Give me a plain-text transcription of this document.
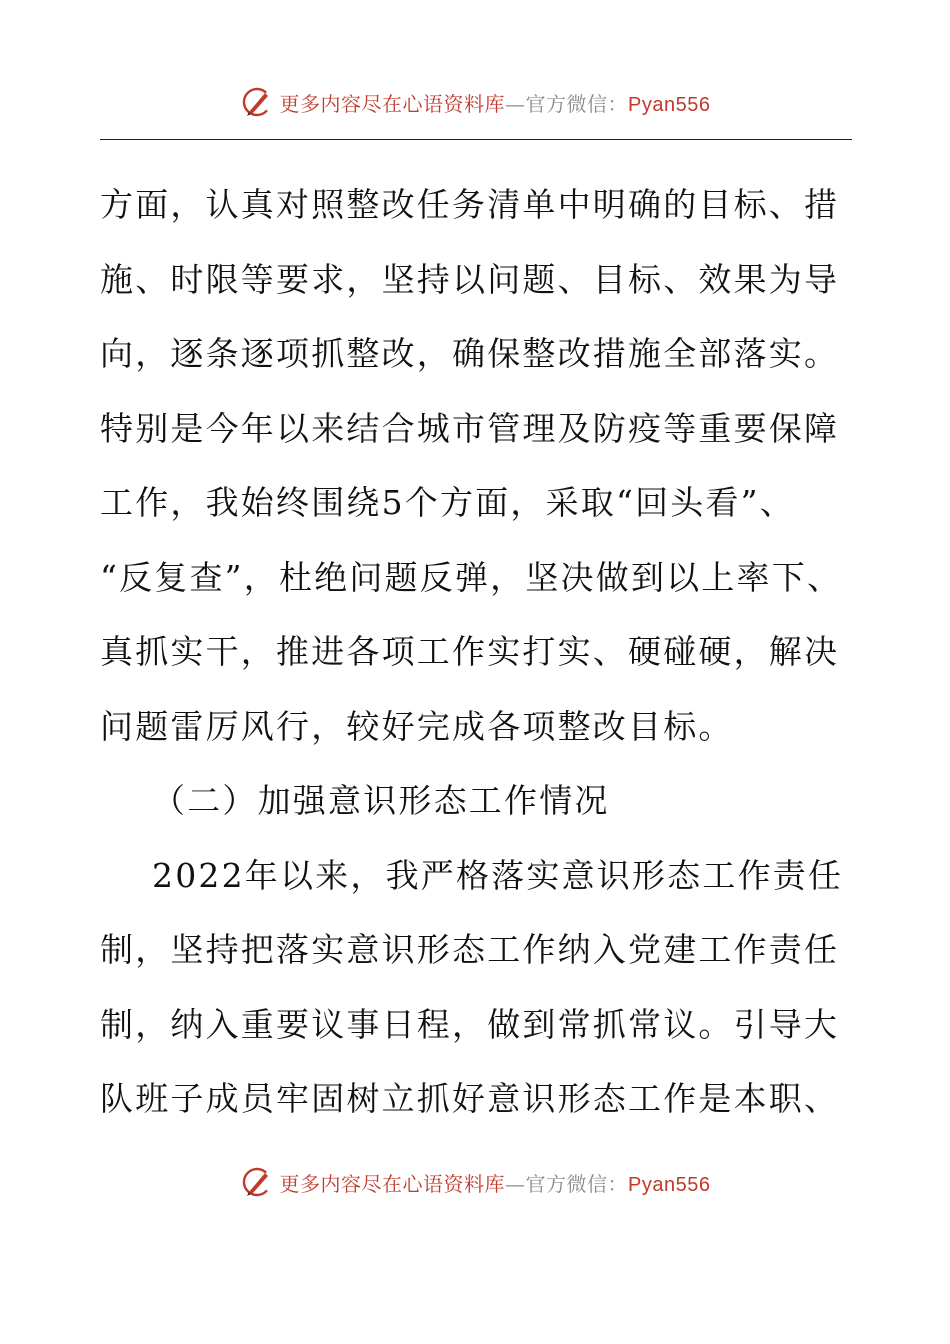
更多内容尽在心语资料库 — 官方微信： Pyan556
方面，认真对照整改任务清单中明确的目标、措
施、时限等要求，坚持以问题、目标、效果为导
向，逐条逐项抓整改，确保整改措施全部落实。
特别是今年以来结合城市管理及防疫等重要保障
工作，我始终围绕5个方面，采取“回头看”、
“反复查”，杜绝问题反弹，坚决做到以上率下、
真抓实干，推进各项工作实打实、硬碰硬，解决
问题雷厉风行，较好完成各项整改目标。
（二）加强意识形态工作情况
2022年以来，我严格落实意识形态工作责任
制，坚持把落实意识形态工作纳入党建工作责任
制，纳入重要议事日程，做到常抓常议。引导大
队班子成员牢固树立抓好意识形态工作是本职、
更多内容尽在心语资料库 — 官方微信： Pyan556
